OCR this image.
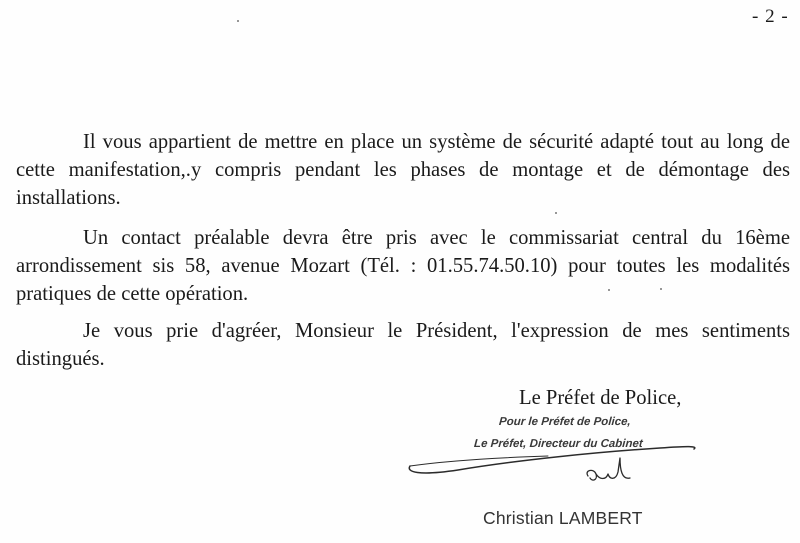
- 2 -

Il vous appartient de mettre en place un système de sécurité adapté tout au long de cette manifestation,.y compris pendant les phases de montage et de démontage des installations.

Un contact préalable devra être pris avec le commissariat central du 16ème arrondissement sis 58, avenue Mozart (Tél. : 01.55.74.50.10) pour toutes les modalités pratiques de cette opération.

Je vous prie d'agréer, Monsieur le Président, l'expression de mes sentiments distingués.

Le Préfet de Police,
Pour le Préfet de Police,
Le Préfet, Directeur du Cabinet
Christian LAMBERT
